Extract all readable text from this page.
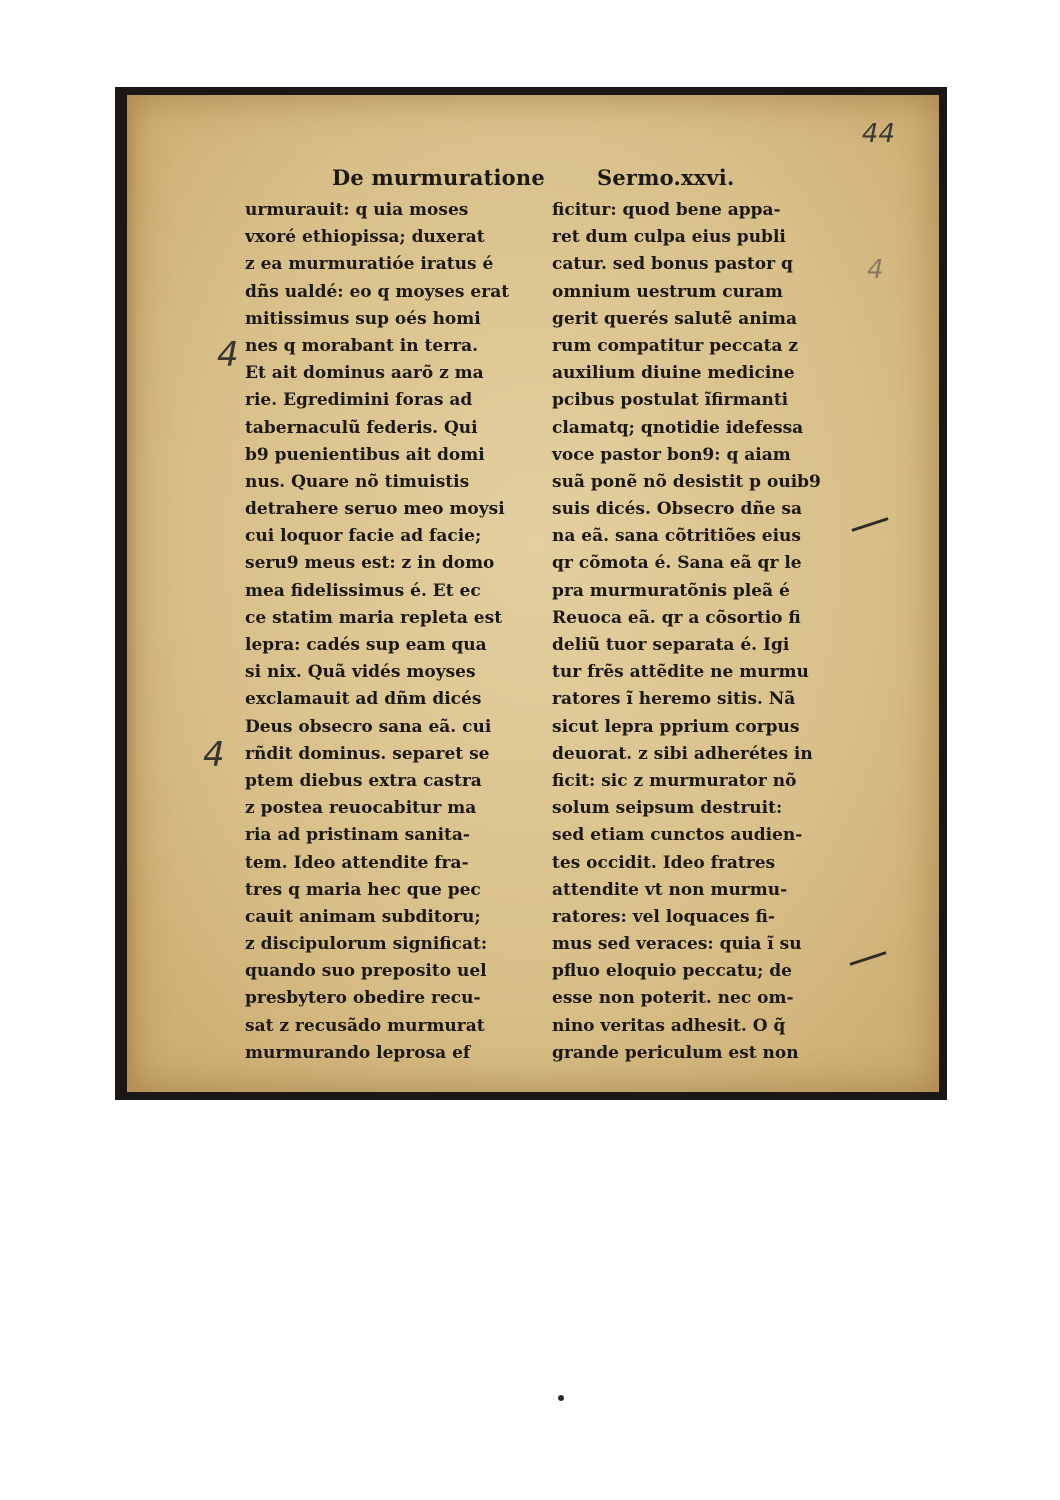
44
De murmuratione Sermo.xxvi.
urmurauit: q uia moses
vxoré ethiopissa; duxerat
z ea murmuratióe iratus é
dñs ualdé: eo q moyses erat
mitissimus sup oés homi
nes q morabant in terra.
Et ait dominus aarõ z ma
rie. Egredimini foras ad
tabernaculũ federis. Qui
b9 puenientibus ait domi
nus. Quare nõ timuistis
detrahere seruo meo moysi
cui loquor facie ad facie;
seru9 meus est: z in domo
mea fidelissimus é. Et ec
ce statim maria repleta est
lepra: cadés sup eam qua
si nix. Quã vidés moyses
exclamauit ad dñm dicés
Deus obsecro sana eã. cui
rñdit dominus. separet se
ptem diebus extra castra
z postea reuocabitur ma
ria ad pristinam sanita-
tem. Ideo attendite fra-
tres q maria hec que pec
cauit animam subditoru;
z discipulorum significat:
quando suo preposito uel
presbytero obedire recu-
sat z recusãdo murmurat
murmurando leprosa ef
ficitur: quod bene appa-
ret dum culpa eius publi
catur. sed bonus pastor q
omnium uestrum curam
gerit querés salutẽ anima
rum compatitur peccata z
auxilium diuine medicine
pcibus postulat ĩfirmanti
clamatq; qnotidie idefessa
voce pastor bon9: q aiam
suã ponẽ nõ desistit p ouib9
suis dicés. Obsecro dñe sa
na eã. sana cõtritiões eius
qr cõmota é. Sana eã qr le
pra murmuratõnis pleã é
Reuoca eã. qr a cõsortio fi
deliũ tuor separata é. Igi
tur frẽs attẽdite ne murmu
ratores ĩ heremo sitis. Nã
sicut lepra pprium corpus
deuorat. z sibi adherétes in
ficit: sic z murmurator nõ
solum seipsum destruit:
sed etiam cunctos audien-
tes occidit. Ideo fratres
attendite vt non murmu-
ratores: vel loquaces fi-
mus sed veraces: quia ĩ su
pfluo eloquio peccatu; de
esse non poterit. nec om-
nino veritas adhesit. O q̃
grande periculum est non
4
4
4
